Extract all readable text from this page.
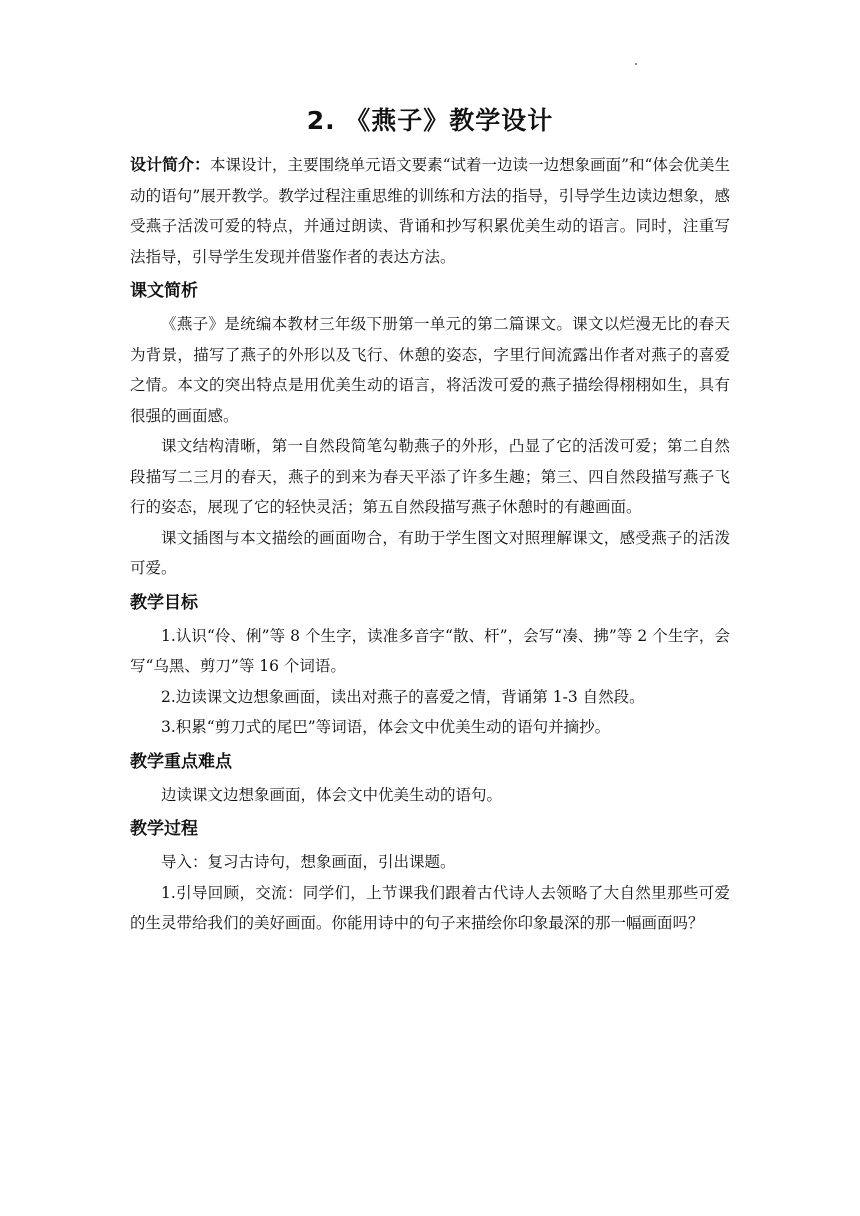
2. 《燕子》教学设计

设计简介：本课设计，主要围绕单元语文要素“试着一边读一边想象画面”和“体会优美生动的语句”展开教学。教学过程注重思维的训练和方法的指导，引导学生边读边想象，感受燕子活泼可爱的特点，并通过朗读、背诵和抄写积累优美生动的语言。同时，注重写法指导，引导学生发现并借鉴作者的表达方法。

课文简析

《燕子》是统编本教材三年级下册第一单元的第二篇课文。课文以烂漫无比的春天为背景，描写了燕子的外形以及飞行、休憩的姿态，字里行间流露出作者对燕子的喜爱之情。本文的突出特点是用优美生动的语言，将活泼可爱的燕子描绘得栩栩如生，具有很强的画面感。

课文结构清晰，第一自然段简笔勾勒燕子的外形，凸显了它的活泼可爱；第二自然段描写二三月的春天，燕子的到来为春天平添了许多生趣；第三、四自然段描写燕子飞行的姿态，展现了它的轻快灵活；第五自然段描写燕子休憩时的有趣画面。

课文插图与本文描绘的画面吻合，有助于学生图文对照理解课文，感受燕子的活泼可爱。

教学目标

1.认识“伶、俐”等 8 个生字，读准多音字“散、杆”，会写“凑、拂”等 2 个生字，会写“乌黑、剪刀”等 16 个词语。

2.边读课文边想象画面，读出对燕子的喜爱之情，背诵第 1-3 自然段。

3.积累“剪刀式的尾巴”等词语，体会文中优美生动的语句并摘抄。

教学重点难点

边读课文边想象画面，体会文中优美生动的语句。

教学过程

导入：复习古诗句，想象画面，引出课题。

1.引导回顾，交流：同学们，上节课我们跟着古代诗人去领略了大自然里那些可爱的生灵带给我们的美好画面。你能用诗中的句子来描绘你印象最深的那一幅画面吗？
